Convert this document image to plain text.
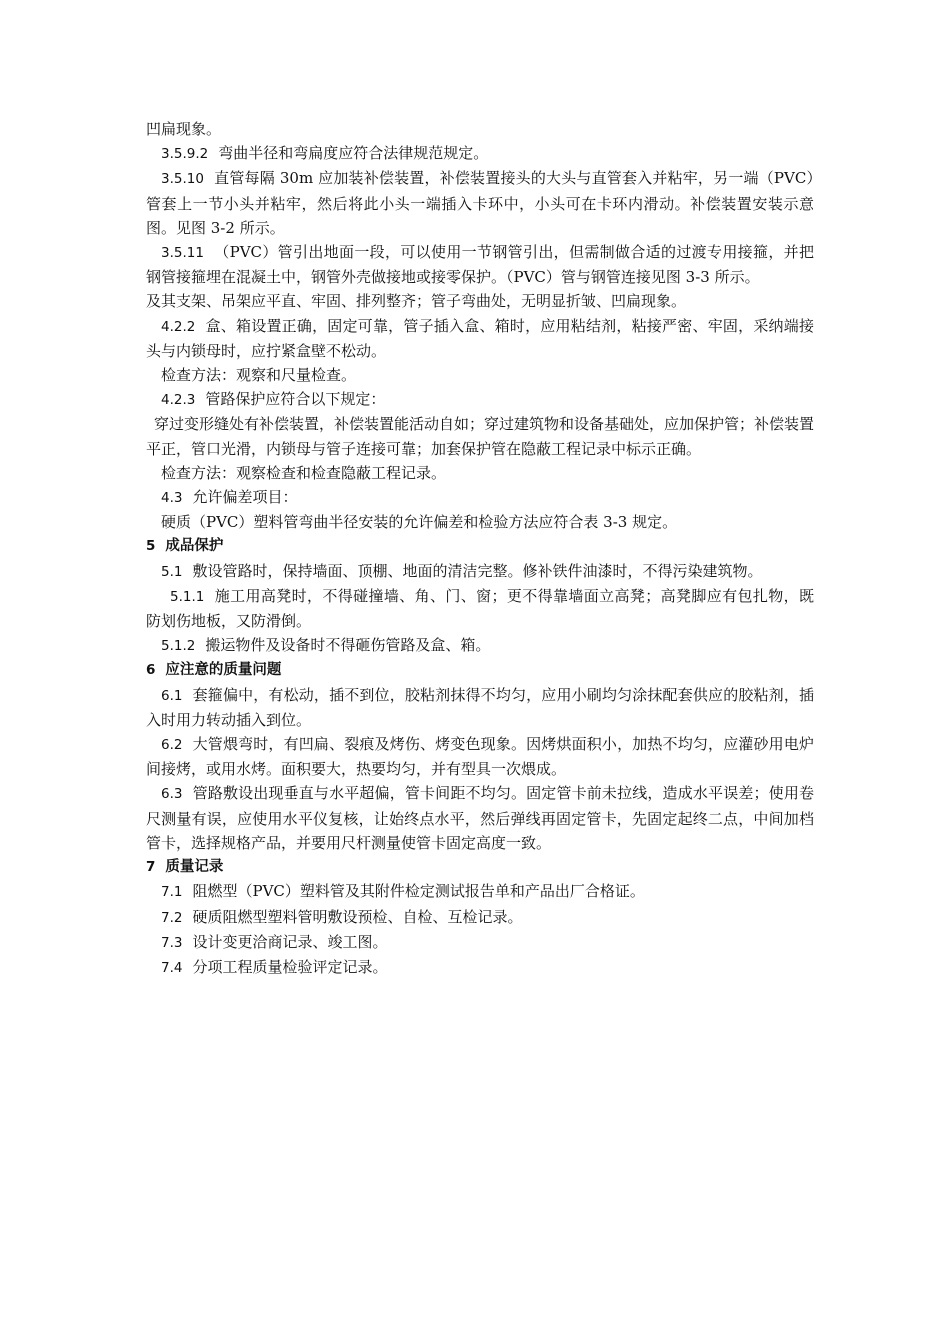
凹扁现象。

3.5.9.2 弯曲半径和弯扁度应符合法律规范规定。

3.5.10 直管每隔 30m 应加装补偿装置，补偿装置接头的大头与直管套入并粘牢，另一端（PVC）管套上一节小头并粘牢，然后将此小头一端插入卡环中，小头可在卡环内滑动。补偿装置安装示意图。见图 3-2 所示。

3.5.11 （PVC）管引出地面一段，可以使用一节钢管引出，但需制做合适的过渡专用接箍，并把钢管接箍埋在混凝土中，钢管外壳做接地或接零保护。（PVC）管与钢管连接见图 3-3 所示。

及其支架、吊架应平直、牢固、排列整齐；管子弯曲处，无明显折皱、凹扁现象。

4.2.2 盒、箱设置正确，固定可靠，管子插入盒、箱时，应用粘结剂，粘接严密、牢固，采纳端接头与内锁母时，应拧紧盒壁不松动。

检查方法：观察和尺量检查。

4.2.3 管路保护应符合以下规定：

穿过变形缝处有补偿装置，补偿装置能活动自如；穿过建筑物和设备基础处，应加保护管；补偿装置平正，管口光滑，内锁母与管子连接可靠；加套保护管在隐蔽工程记录中标示正确。

检查方法：观察检查和检查隐蔽工程记录。

4.3 允许偏差项目：

硬质（PVC）塑料管弯曲半径安装的允许偏差和检验方法应符合表 3-3 规定。

5 成品保护

5.1 敷设管路时，保持墙面、顶棚、地面的清洁完整。修补铁件油漆时，不得污染建筑物。

5.1.1 施工用高凳时，不得碰撞墙、角、门、窗；更不得靠墙面立高凳；高凳脚应有包扎物，既防划伤地板，又防滑倒。

5.1.2 搬运物件及设备时不得砸伤管路及盒、箱。

6 应注意的质量问题

6.1 套箍偏中，有松动，插不到位，胶粘剂抹得不均匀，应用小刷均匀涂抹配套供应的胶粘剂，插入时用力转动插入到位。

6.2 大管煨弯时，有凹扁、裂痕及烤伤、烤变色现象。因烤烘面积小，加热不均匀，应灌砂用电炉间接烤，或用水烤。面积要大，热要均匀，并有型具一次煨成。

6.3 管路敷设出现垂直与水平超偏，管卡间距不均匀。固定管卡前未拉线，造成水平误差；使用卷尺测量有误，应使用水平仪复核，让始终点水平，然后弹线再固定管卡，先固定起终二点，中间加档管卡，选择规格产品，并要用尺杆测量使管卡固定高度一致。

7 质量记录

7.1 阻燃型（PVC）塑料管及其附件检定测试报告单和产品出厂合格证。

7.2 硬质阻燃型塑料管明敷设预检、自检、互检记录。

7.3 设计变更洽商记录、竣工图。

7.4 分项工程质量检验评定记录。
